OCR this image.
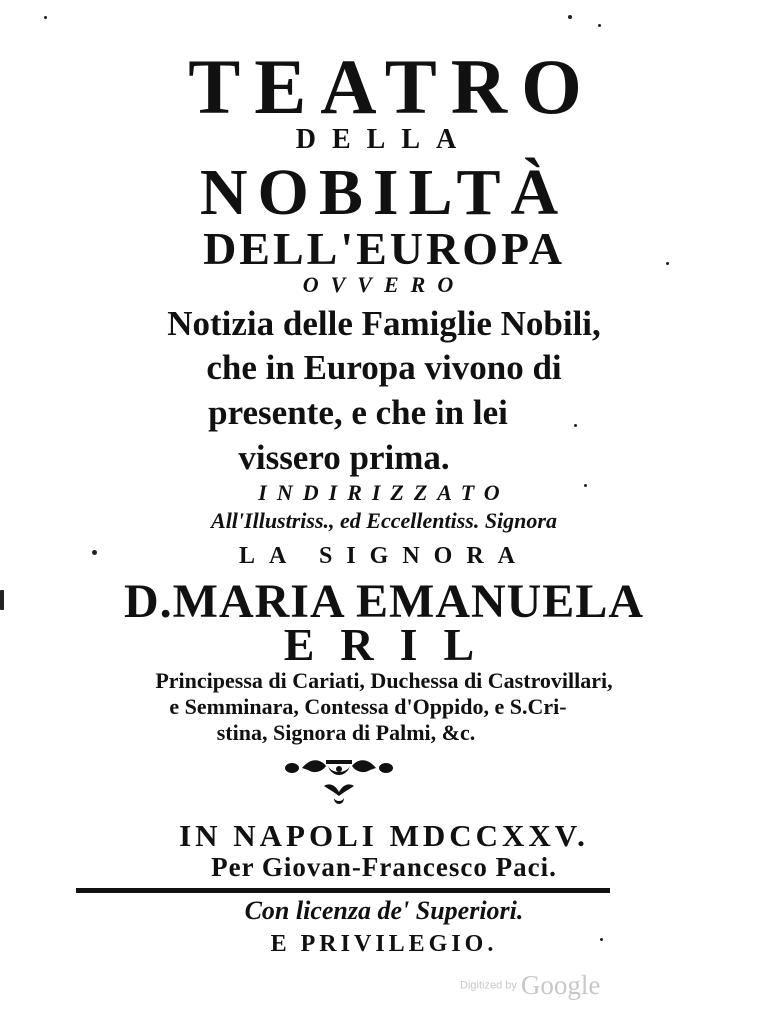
TEATRO
DELLA
NOBILTÀ
DELL'EUROPA
OVVERO
Notizia delle Famiglie Nobili,
che in Europa vivono di
presente, e che in lei
vissero prima.
INDIRIZZATO
All'Illustriss., ed Eccellentiss. Signora
LA SIGNORA
D.MARIA EMANUELA
ERIL
Principessa di Cariati, Duchessa di Castrovillari,
e Semminara, Contessa d'Oppido, e S.Cri-
stina, Signora di Palmi, &c.
IN NAPOLI MDCCXXV.
Per Giovan-Francesco Paci.
Con licenza de' Superiori.
E PRIVILEGIO.
Digitized by Google
